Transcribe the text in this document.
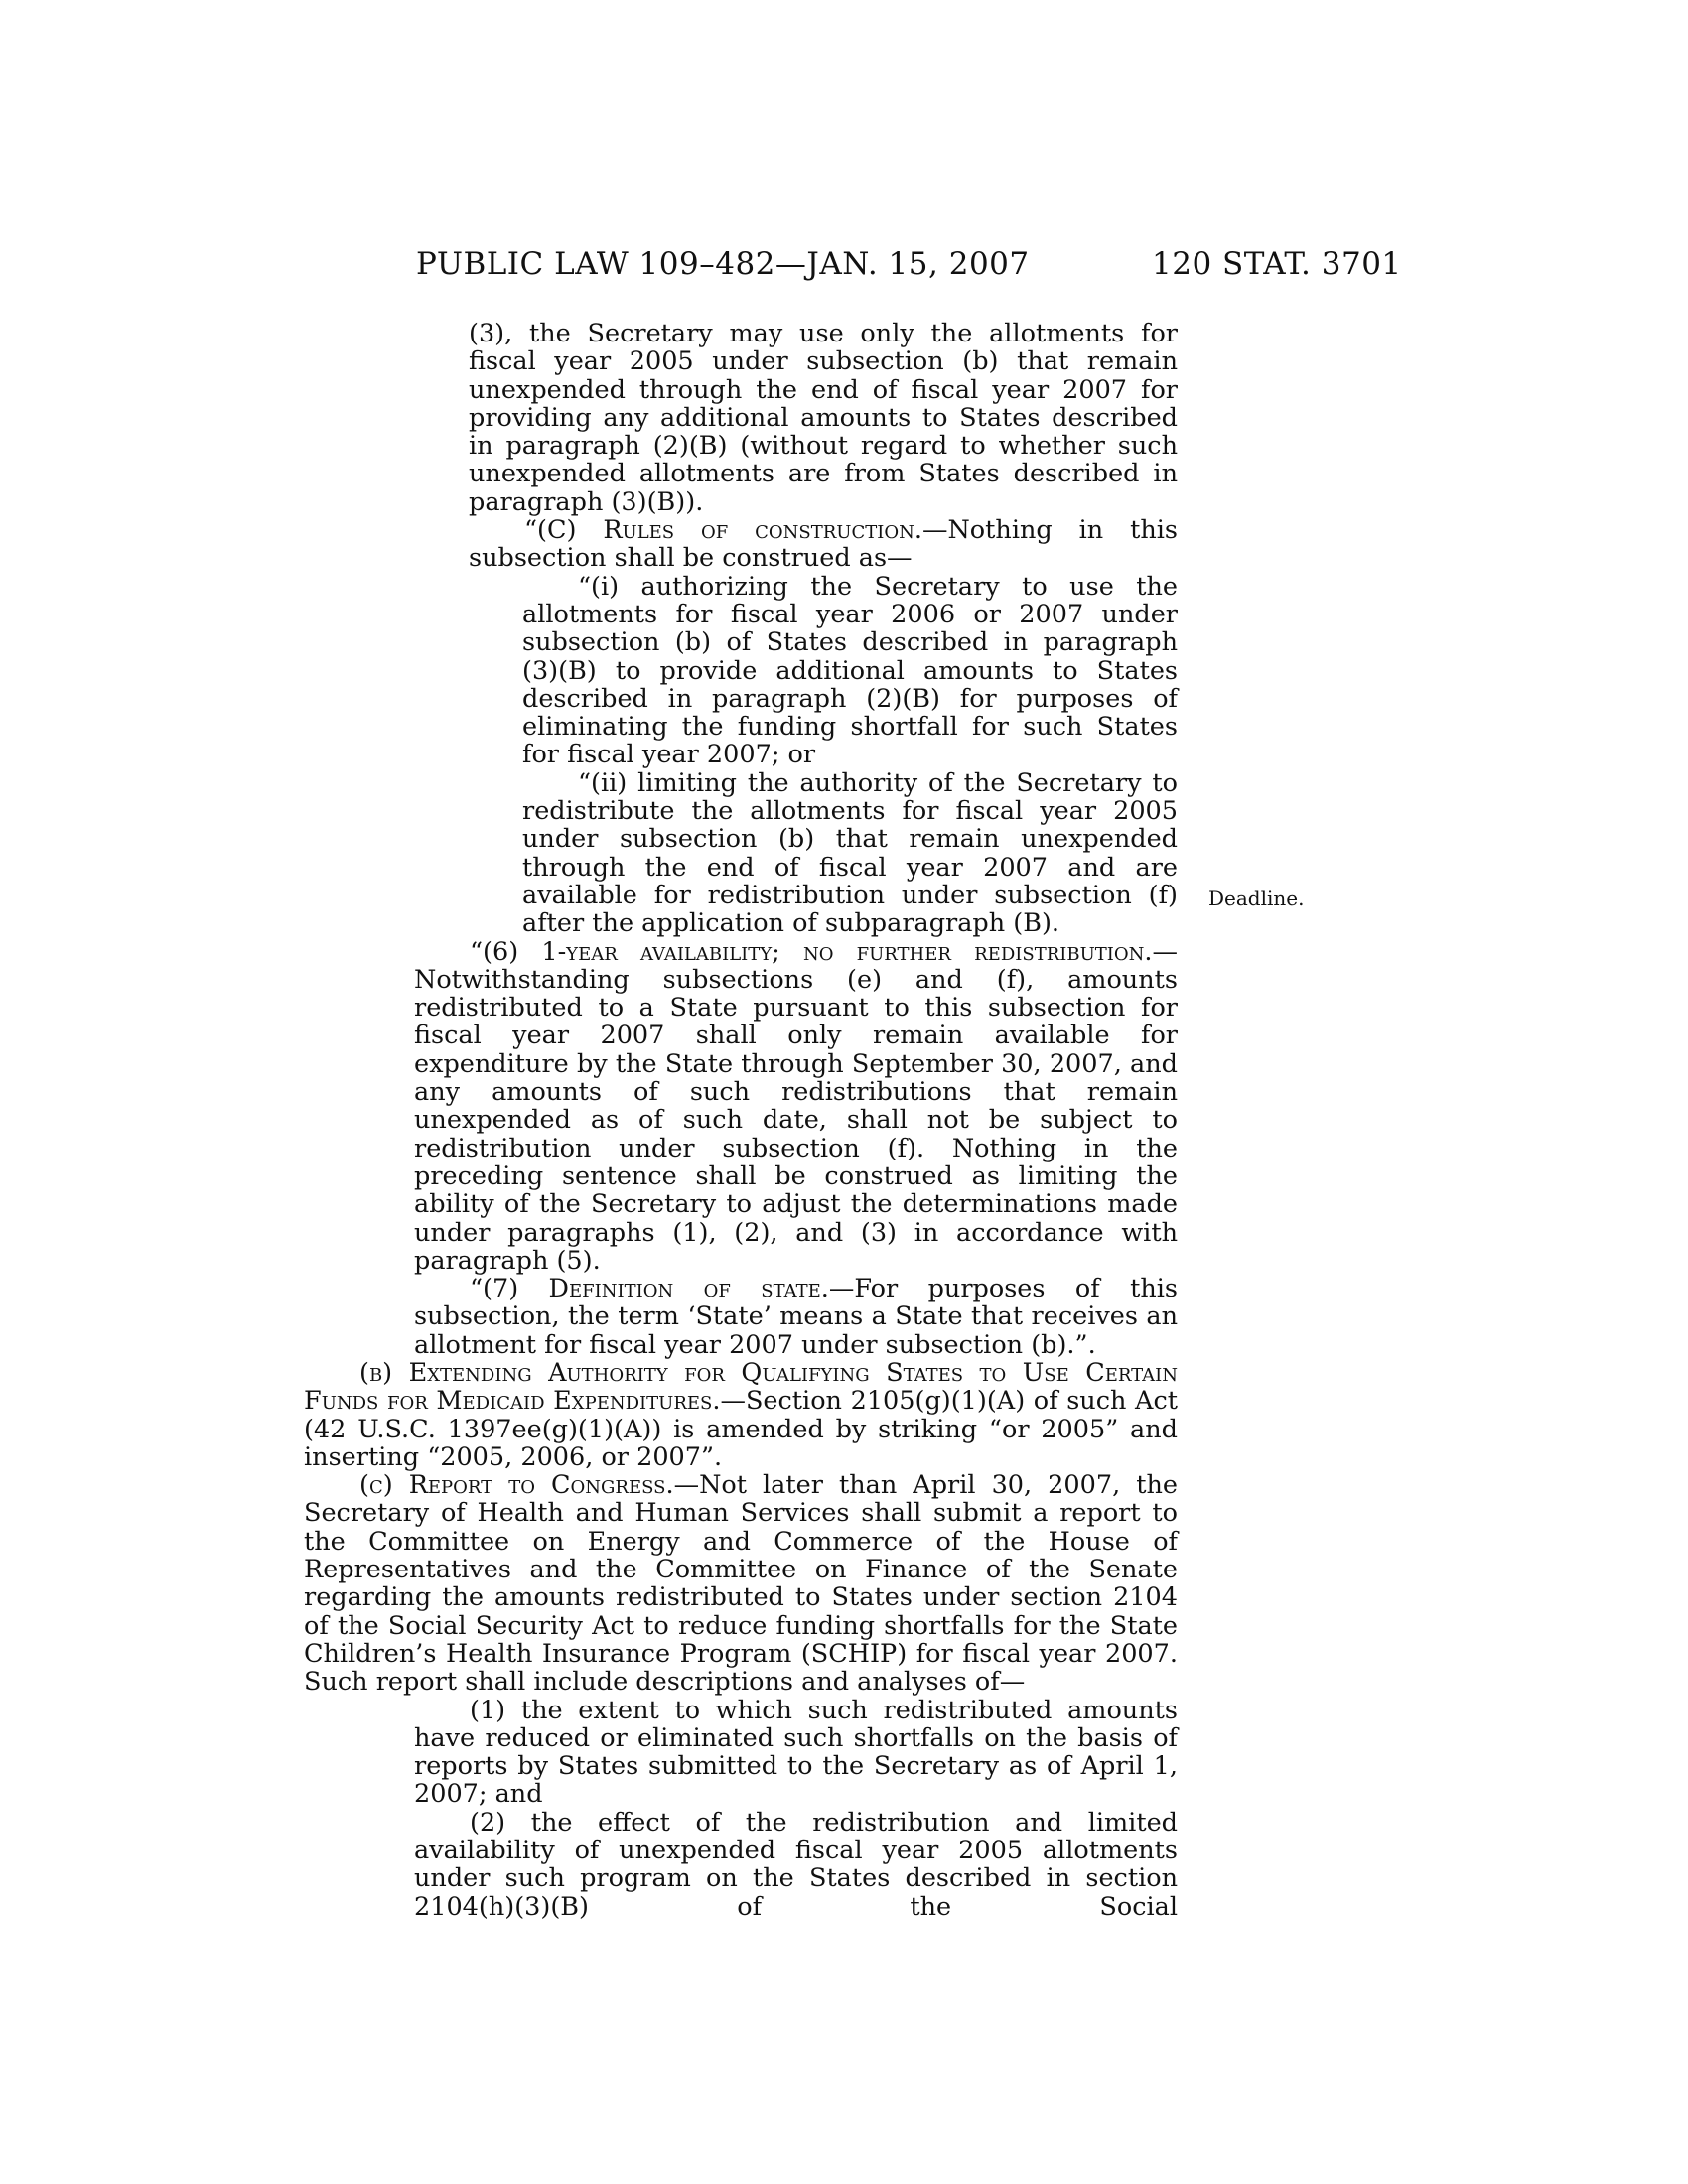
PUBLIC LAW 109–482—JAN. 15, 2007	120 STAT. 3701
Deadline.

(3), the Secretary may use only the allotments for fiscal year 2005 under subsection (b) that remain unexpended through the end of fiscal year 2007 for providing any additional amounts to States described in paragraph (2)(B) (without regard to whether such unexpended allotments are from States described in paragraph (3)(B)).

“(C) Rules of construction.—Nothing in this subsection shall be construed as—

“(i) authorizing the Secretary to use the allotments for fiscal year 2006 or 2007 under subsection (b) of States described in paragraph (3)(B) to provide additional amounts to States described in paragraph (2)(B) for purposes of eliminating the funding shortfall for such States for fiscal year 2007; or

“(ii) limiting the authority of the Secretary to redistribute the allotments for fiscal year 2005 under subsection (b) that remain unexpended through the end of fiscal year 2007 and are available for redistribution under subsection (f) after the application of subparagraph (B).

“(6) 1-year availability; no further redistribution.— Notwithstanding subsections (e) and (f), amounts redistributed to a State pursuant to this subsection for fiscal year 2007 shall only remain available for expenditure by the State through September 30, 2007, and any amounts of such redistributions that remain unexpended as of such date, shall not be subject to redistribution under subsection (f). Nothing in the preceding sentence shall be construed as limiting the ability of the Secretary to adjust the determinations made under paragraphs (1), (2), and (3) in accordance with paragraph (5).

“(7) Definition of state.—For purposes of this subsection, the term ‘State’ means a State that receives an allotment for fiscal year 2007 under subsection (b).”.

(b) Extending Authority for Qualifying States to Use Certain Funds for Medicaid Expenditures.—Section 2105(g)(1)(A) of such Act (42 U.S.C. 1397ee(g)(1)(A)) is amended by striking “or 2005” and inserting “2005, 2006, or 2007”.

(c) Report to Congress.—Not later than April 30, 2007, the Secretary of Health and Human Services shall submit a report to the Committee on Energy and Commerce of the House of Representatives and the Committee on Finance of the Senate regarding the amounts redistributed to States under section 2104 of the Social Security Act to reduce funding shortfalls for the State Children’s Health Insurance Program (SCHIP) for fiscal year 2007. Such report shall include descriptions and analyses of—

(1) the extent to which such redistributed amounts have reduced or eliminated such shortfalls on the basis of reports by States submitted to the Secretary as of April 1, 2007; and

(2) the effect of the redistribution and limited availability of unexpended fiscal year 2005 allotments under such program on the States described in section 2104(h)(3)(B) of the Social
